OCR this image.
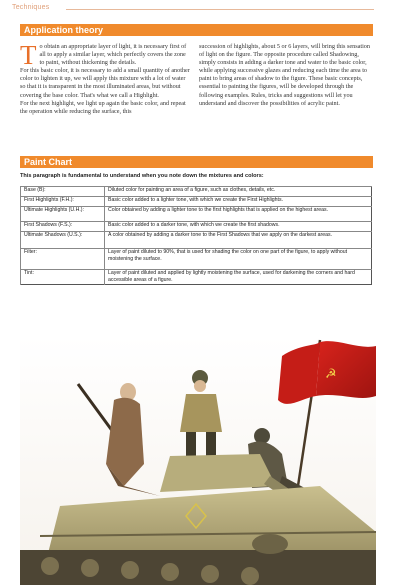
Techniques
Application theory

To obtain an appropriate layer of light, it is necessary first of all to apply a similar layer, which perfectly covers the zone to paint, without thickening the details.

For this basic color, it is necessary to add a small quantity of another color to lighten it up, we will apply this mixture with a lot of water so that it is transparent in the most illuminated areas, but without covering the base color. That's what we call a Highlight.

For the next highlight, we light up again the basic color, and repeat the operation while reducing the surface, this

succession of highlights, about 5 or 6 layers, will bring this sensation of light on the figure. The opposite procedure called Shadowing, simply consists in adding a darker tone and water to the basic color, while applying successive glazes and reducing each time the area to paint to bring areas of shadow to the figure. These basic concepts, essential to painting the figures, will be developed through the following examples. Rules, tricks and suggestions will let you understand and discover the possibilities of acrylic paint.

Paint Chart
This paragraph is fundamental to understand when you note down the mixtures and colors:
Base (B):	Diluted color for painting an area of a figure, such as clothes, details, etc.
First Highlights (F.H.):	Basic color added to a lighter tone, with which we create the First Highlights.
Ultimate Highlights (U.H.):	Color obtained by adding a lighter tone to the first highlights that is applied on the highest areas.
First Shadows (F.S.):	Basic color added to a darker tone, with which we create the first shadows.
Ultimate Shadows (U.S.):	A color obtained by adding a darker tone to the First Shadows that we apply on the darkest areas.
Filter:	Layer of paint diluted to 90%, that is used for shading the color on one part of the figure, to apply without moistening the surface.
Tint:	Layer of paint diluted and applied by lightly moistening the surface, used for darkening the corners and hard accessible areas of a figure.
☭
